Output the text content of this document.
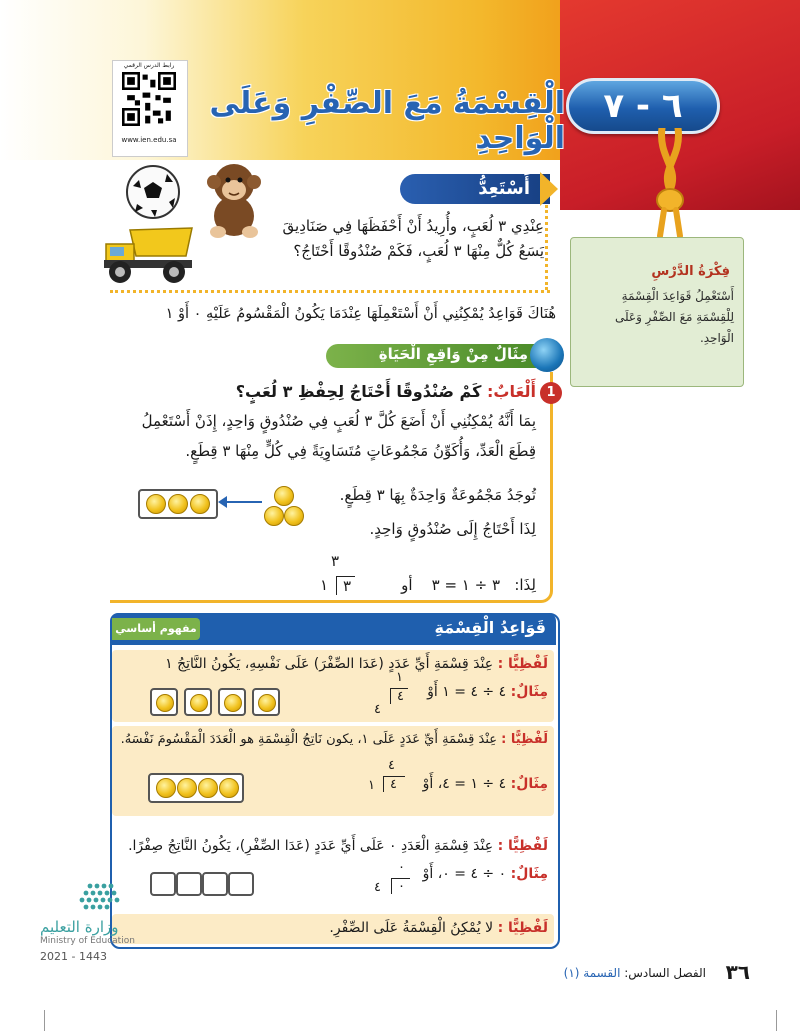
رابط الدرس الرقمي
www.ien.edu.sa
الْقِسْمَةُ مَعَ الصِّفْرِ وَعَلَى الْوَاحِدِ
٦ - ٧
فِكْرَةُ الدَّرْسِ
أَسْتَعْمِلُ قَوَاعِدَ الْقِسْمَةِ لِلْقِسْمَةِ مَعَ الصِّفْرِ وَعَلَى الْوَاحِدِ.
أَسْتَعِدُّ
عِنْدِي ٣ لُعَبٍ، وأُرِيدُ أَنْ أَحْفَظَهَا فِي صَنَادِيقَ يَسَعُ كُلٌّ مِنْهَا ٣ لُعَبٍ، فَكَمْ صُنْدُوقًا أَحْتَاجُ؟
هُنَاكَ قَوَاعِدُ يُمْكِنُنِي أَنْ أَسْتَعْمِلَهَا عِنْدَمَا يَكُونُ الْمَقْسُومُ عَلَيْهِ ٠ أَوْ ١
مِثَالٌ مِنْ وَاقِعِ الْحَيَاةِ
1
أَلْعَابٌ: كَمْ صُنْدُوقًا أَحْتَاجُ لِحِفْظِ ٣ لُعَبٍ؟
بِمَا أَنَّهُ يُمْكِنُنِي أَنْ أَضَعَ كُلَّ ٣ لُعَبٍ فِي صُنْدُوقٍ وَاحِدٍ، إِذَنْ أَسْتَعْمِلُ قِطَعَ الْعَدِّ، وَأُكَوِّنُ مَجْمُوعَاتٍ مُتَسَاوِيَةً فِي كُلٍّ مِنْهَا ٣ قِطَعٍ.
تُوجَدُ مَجْمُوعَةٌ وَاحِدَةٌ بِهَا ٣ قِطَعٍ.
لِذَا أَحْتَاجُ إِلَى صُنْدُوقٍ وَاحِدٍ.
لِذَا:   ٣ ÷ ١ = ٣    أو
٣
٣
١
قَوَاعِدُ الْقِسْمَةِ
مفهوم أساسي
لَفْظِيًّا : عِنْدَ قِسْمَةِ أَيِّ عَدَدٍ (عَدَا الصِّفْرَ) عَلَى نَفْسِهِ، يَكُونُ النَّاتِجُ ١
مِثَالٌ: ٤ ÷ ٤ = ١ أَوْ
١
٤
٤
لَفْظِيًّا : عِنْدَ قِسْمَةِ أَيِّ عَدَدٍ عَلَى ١، يكون نَاتِجُ الْقِسْمَةِ هو الْعَدَدَ الْمَقْسُومَ نَفْسَهُ.
مِثَالٌ: ٤ ÷ ١ = ٤، أَوْ
٤
٤
١
لَفْظِيًّا : عِنْدَ قِسْمَةِ الْعَدَدِ ٠ عَلَى أَيِّ عَدَدٍ (عَدَا الصِّفْرِ)، يَكُونُ النَّاتِجُ صِفْرًا.
مِثَالٌ: ٠ ÷ ٤ = ٠، أَوْ
٠
٠
٤
لَفْظِيًّا : لا يُمْكِنُ الْقِسْمَةُ عَلَى الصِّفْرِ.
وزارة التعليم
Ministry of Education
2021 - 1443
٣٦
الفصل السادس: القسمة (١)
